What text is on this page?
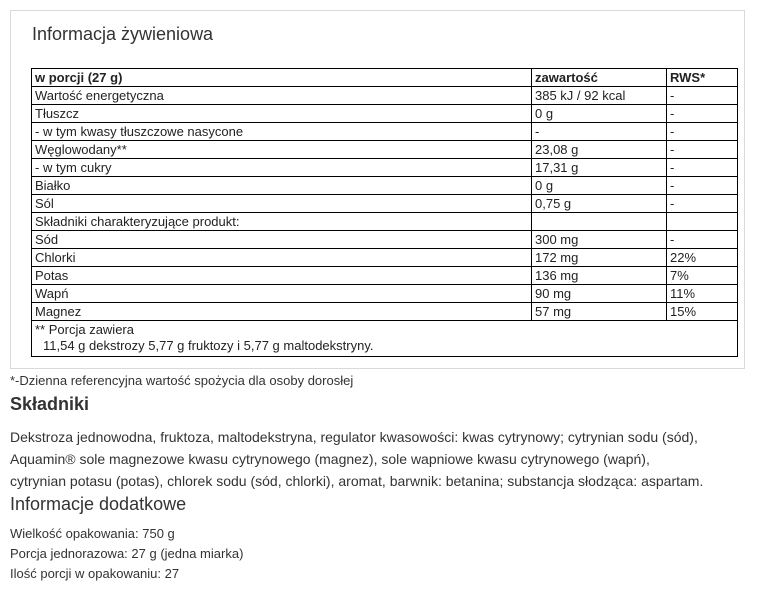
Informacja żywieniowa
w porcji (27 g)	zawartość	RWS*
Wartość energetyczna	385 kJ / 92 kcal	-
Tłuszcz	0 g	-
- w tym kwasy tłuszczowe nasycone	-	-
Węglowodany**	23,08 g	-
- w tym cukry	17,31 g	-
Białko	0 g	-
Sól	0,75 g	-
Składniki charakteryzujące produkt:		
Sód	300 mg	-
Chlorki	172 mg	22%
Potas	136 mg	7%
Wapń	90 mg	11%
Magnez	57 mg	15%
** Porcja zawiera
11,54 g dekstrozy 5,77 g fruktozy i 5,77 g maltodekstryny.		
*-Dzienna referencyjna wartość spożycia dla osoby dorosłej
Składniki
Dekstroza jednowodna, fruktoza, maltodekstryna, regulator kwasowości: kwas cytrynowy; cytrynian sodu (sód),
Aquamin® sole magnezowe kwasu cytrynowego (magnez), sole wapniowe kwasu cytrynowego (wapń),
cytrynian potasu (potas), chlorek sodu (sód, chlorki), aromat, barwnik: betanina; substancja słodząca: aspartam.
Informacje dodatkowe
Wielkość opakowania: 750 g
Porcja jednorazowa: 27 g (jedna miarka)
Ilość porcji w opakowaniu: 27
